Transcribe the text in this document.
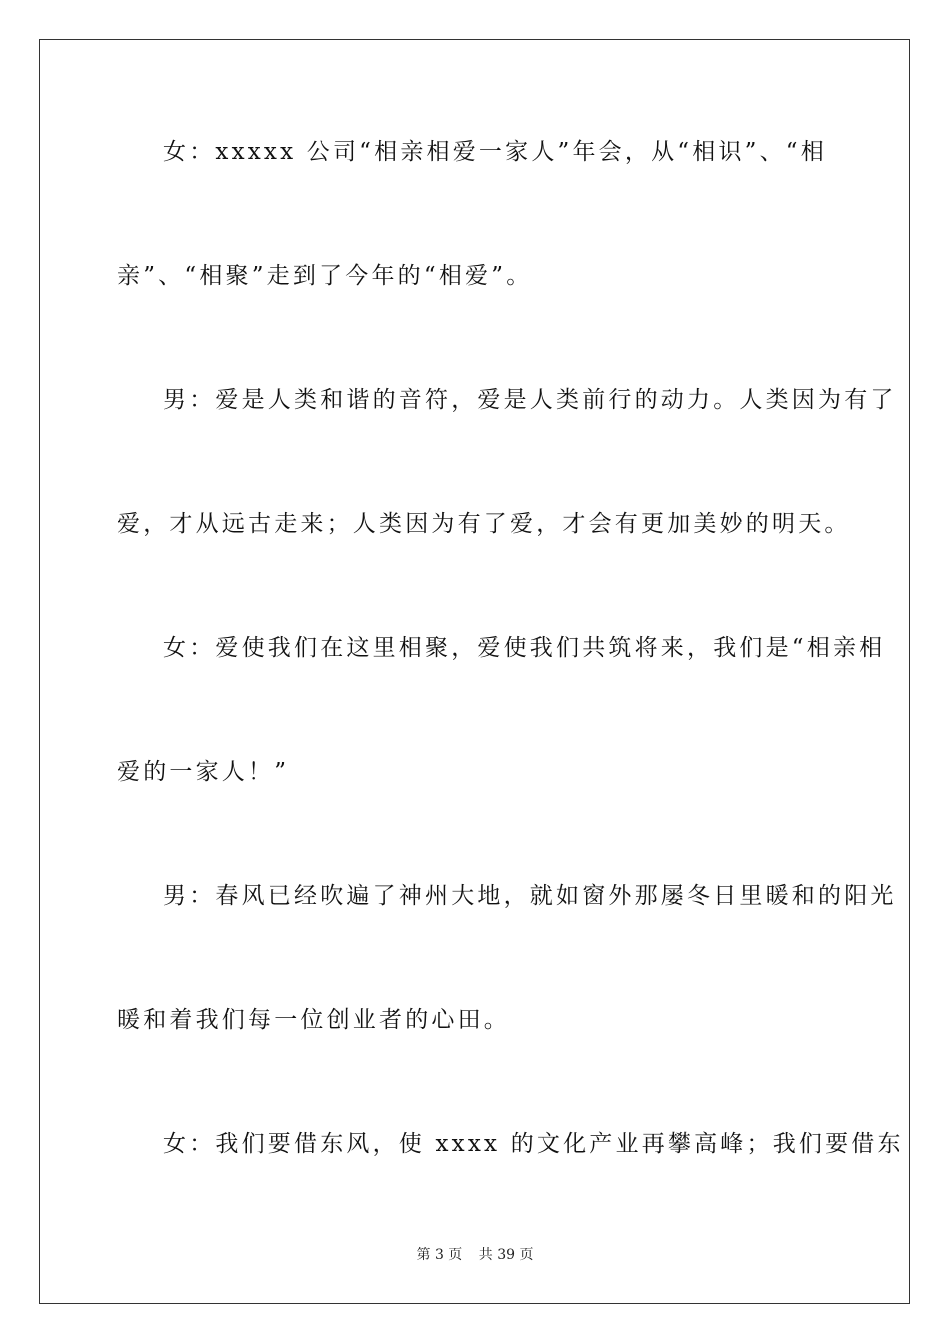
女：xxxxx 公司“相亲相爱一家人”年会，从“相识”、“相
亲”、“相聚”走到了今年的“相爱”。
男：爱是人类和谐的音符，爱是人类前行的动力。人类因为有了
爱，才从远古走来；人类因为有了爱，才会有更加美妙的明天。
女：爱使我们在这里相聚，爱使我们共筑将来，我们是“相亲相
爱的一家人！”
男：春风已经吹遍了神州大地，就如窗外那屡冬日里暖和的阳光
暖和着我们每一位创业者的心田。
女：我们要借东风，使 xxxx 的文化产业再攀高峰；我们要借东
第 3 页 共 39 页
